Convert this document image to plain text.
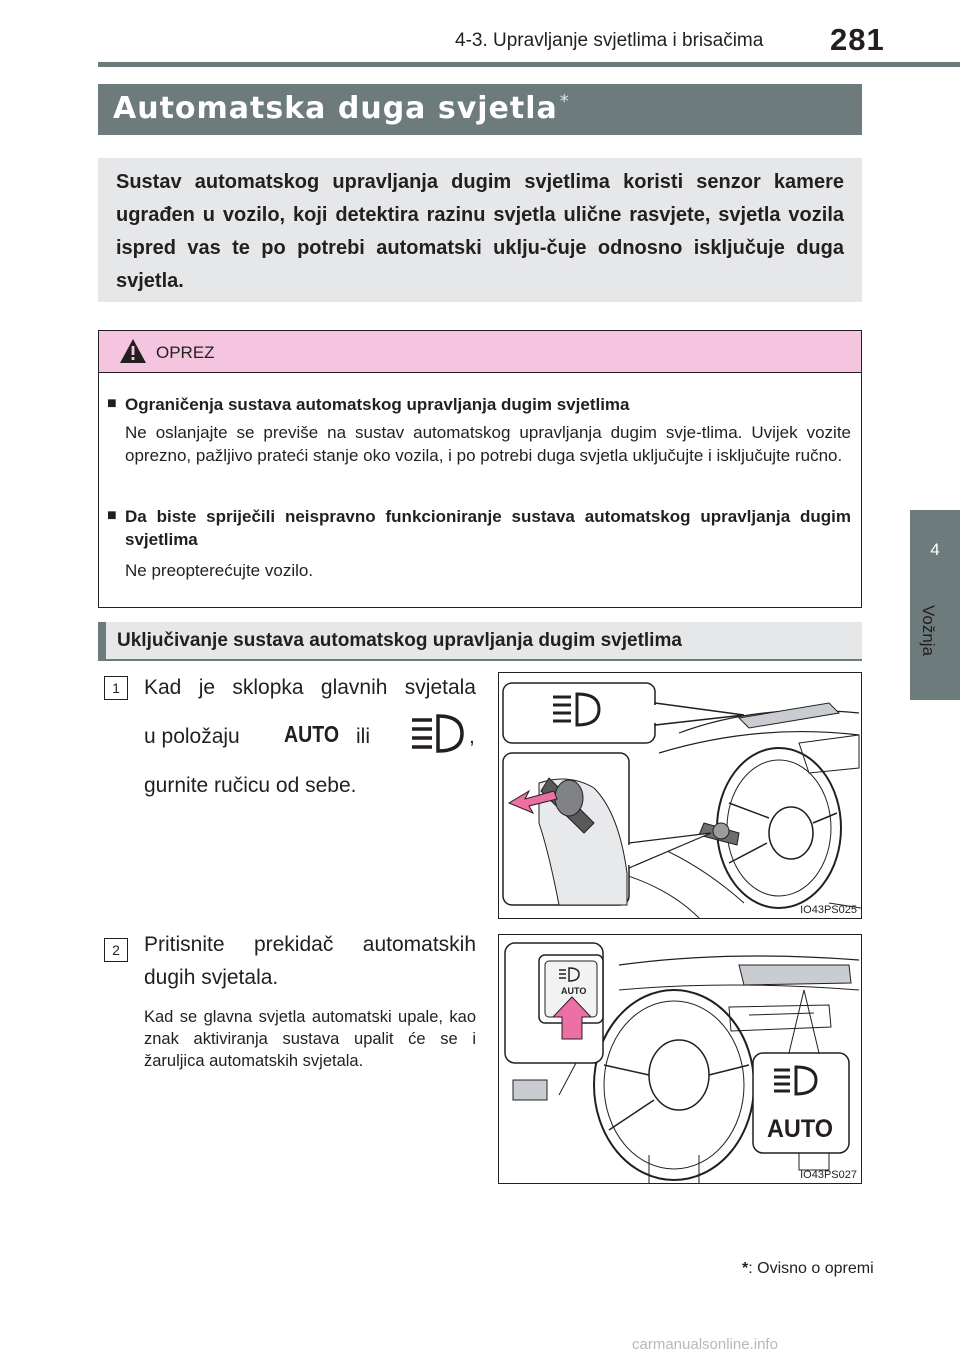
4-3. Upravljanje svjetlima i brisačima 281
4
Vožnja
Automatska duga svjetla *
Sustav automatskog upravljanja dugim svjetlima koristi senzor kamere ugrađen u vozilo, koji detektira razinu svjetla ulične rasvjete, svjetla vozila ispred vas te po potrebi automatski uklju-čuje odnosno isključuje duga svjetla.
OPREZ
■ Ograničenja sustava automatskog upravljanja dugim svjetlima
Ne oslanjajte se previše na sustav automatskog upravljanja dugim svje-tlima. Uvijek vozite oprezno, pažljivo prateći stanje oko vozila, i po potrebi duga svjetla uključujte i isključujte ručno.
■ Da biste spriječili neispravno funkcioniranje sustava automatskog upravljanja dugim svjetlima
Ne preopterećujte vozilo.
Uključivanje sustava automatskog upravljanja dugim svjetlima
1	Kad je sklopka glavnih svjetala
u položaju AUTO ili	,
gurnite ručicu od sebe.
IO43PS025
2	Pritisnite prekidač automatskih dugih svjetala.
Kad se glavna svjetla automatski upale, kao znak aktiviranja sustava upalit će se i žaruljica automatskih svjetala.
AUTO
AUTO
IO43PS027
*: Ovisno o opremi
carmanualsonline.info
